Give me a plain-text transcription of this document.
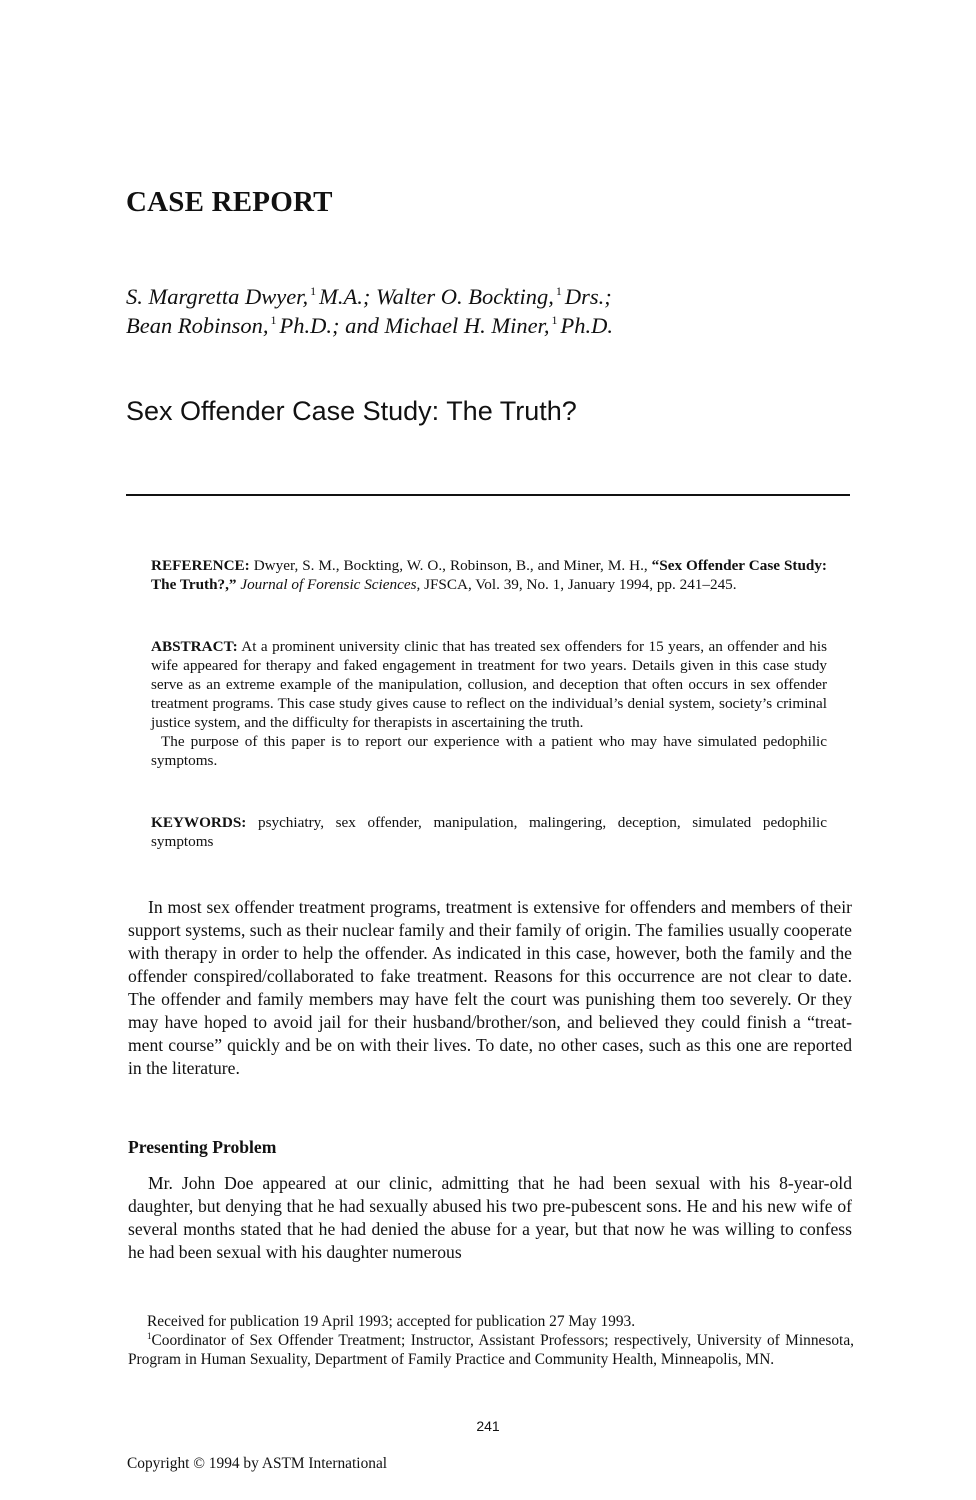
CASE REPORT
S. Margretta Dwyer, $^1$ M.A.; Walter O. Bockting, $^1$ Drs.;
Bean Robinson, $^1$ Ph.D.; and Michael H. Miner, $^1$ Ph.D.
Sex Offender Case Study: The Truth?

REFERENCE: Dwyer, S. M., Bockting, W. O., Robinson, B., and Miner, M. H., “Sex Offender Case Study: The Truth?,” Journal of Forensic Sciences, JFSCA, Vol. 39, No. 1, January 1994, pp. 241–245.

ABSTRACT: At a prominent university clinic that has treated sex offenders for 15 years, an offender and his wife appeared for therapy and faked engagement in treatment for two years. Details given in this case study serve as an extreme example of the manipulation, collusion, and deception that often occurs in sex offender treatment programs. This case study gives cause to reflect on the individual’s denial system, society’s criminal justice system, and the difficulty for therapists in ascertaining the truth.

The purpose of this paper is to report our experience with a patient who may have simulated pedophilic symptoms.

KEYWORDS: psychiatry, sex offender, manipulation, malingering, deception, simulated pedophilic symptoms

In most sex offender treatment programs, treatment is extensive for offenders and members of their support systems, such as their nuclear family and their family of origin. The families usually cooperate with therapy in order to help the offender. As indicated in this case, however, both the family and the offender conspired/collaborated to fake treatment. Reasons for this occurrence are not clear to date. The offender and family members may have felt the court was punishing them too severely. Or they may have hoped to avoid jail for their husband/brother/son, and believed they could finish a “treat-ment course” quickly and be on with their lives. To date, no other cases, such as this one are reported in the literature.

Presenting Problem

Mr. John Doe appeared at our clinic, admitting that he had been sexual with his 8-year-old daughter, but denying that he had sexually abused his two pre-pubescent sons. He and his new wife of several months stated that he had denied the abuse for a year, but that now he was willing to confess he had been sexual with his daughter numerous

Received for publication 19 April 1993; accepted for publication 27 May 1993.

$^1$Coordinator of Sex Offender Treatment; Instructor, Assistant Professors; respectively, University of Minnesota, Program in Human Sexuality, Department of Family Practice and Community Health, Minneapolis, MN.

241
Copyright © 1994 by ASTM International
